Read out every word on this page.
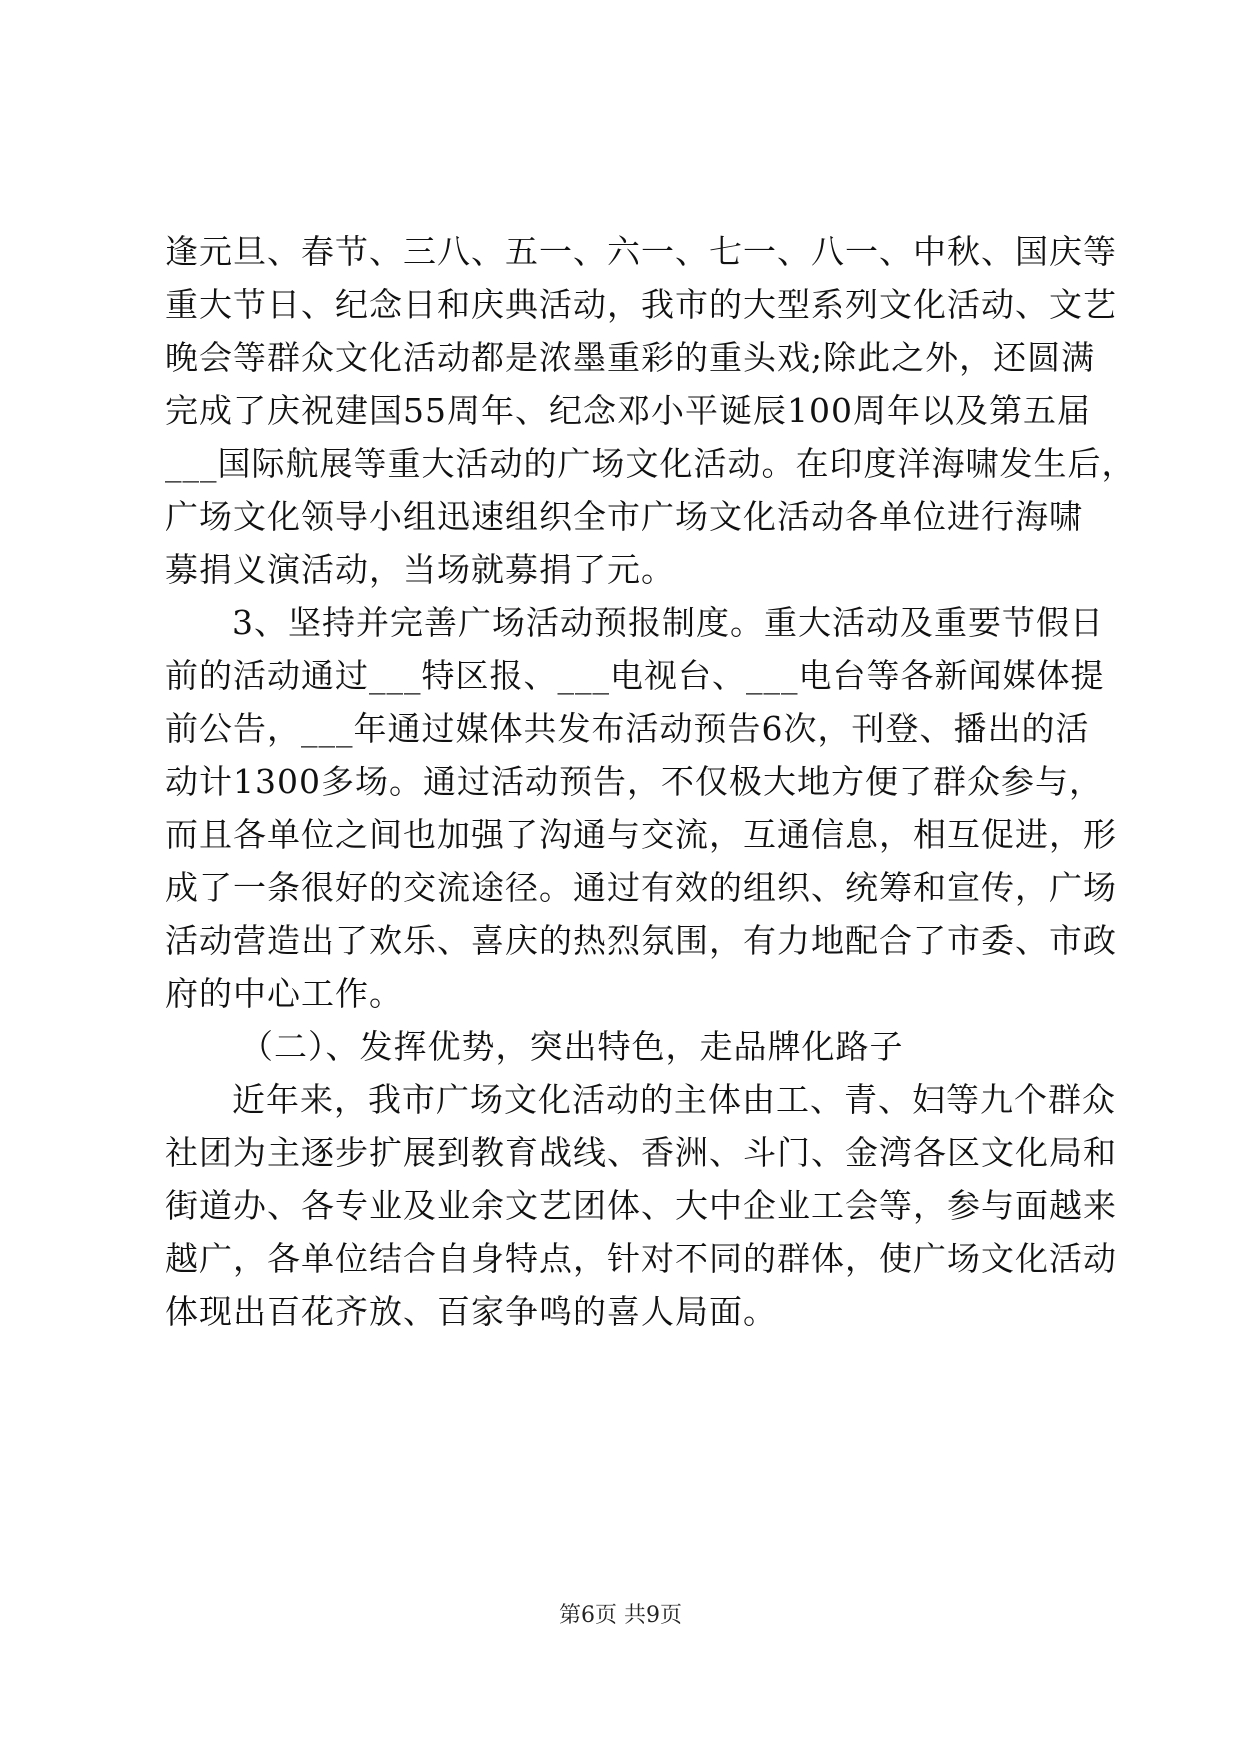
逢元旦、春节、三八、五一、六一、七一、八一、中秋、国庆等
重大节日、纪念日和庆典活动，我市的大型系列文化活动、文艺
晚会等群众文化活动都是浓墨重彩的重头戏;除此之外，还圆满
完成了庆祝建国55周年、纪念邓小平诞辰100周年以及第五届
___国际航展等重大活动的广场文化活动。在印度洋海啸发生后，
广场文化领导小组迅速组织全市广场文化活动各单位进行海啸
募捐义演活动，当场就募捐了元。
3、坚持并完善广场活动预报制度。重大活动及重要节假日
前的活动通过___特区报、___电视台、___电台等各新闻媒体提
前公告，___年通过媒体共发布活动预告6次，刊登、播出的活
动计1300多场。通过活动预告，不仅极大地方便了群众参与，
而且各单位之间也加强了沟通与交流，互通信息，相互促进，形
成了一条很好的交流途径。通过有效的组织、统筹和宣传，广场
活动营造出了欢乐、喜庆的热烈氛围，有力地配合了市委、市政
府的中心工作。
（二）、发挥优势，突出特色，走品牌化路子
近年来，我市广场文化活动的主体由工、青、妇等九个群众
社团为主逐步扩展到教育战线、香洲、斗门、金湾各区文化局和
街道办、各专业及业余文艺团体、大中企业工会等，参与面越来
越广，各单位结合自身特点，针对不同的群体，使广场文化活动
体现出百花齐放、百家争鸣的喜人局面。
第6页 共9页
